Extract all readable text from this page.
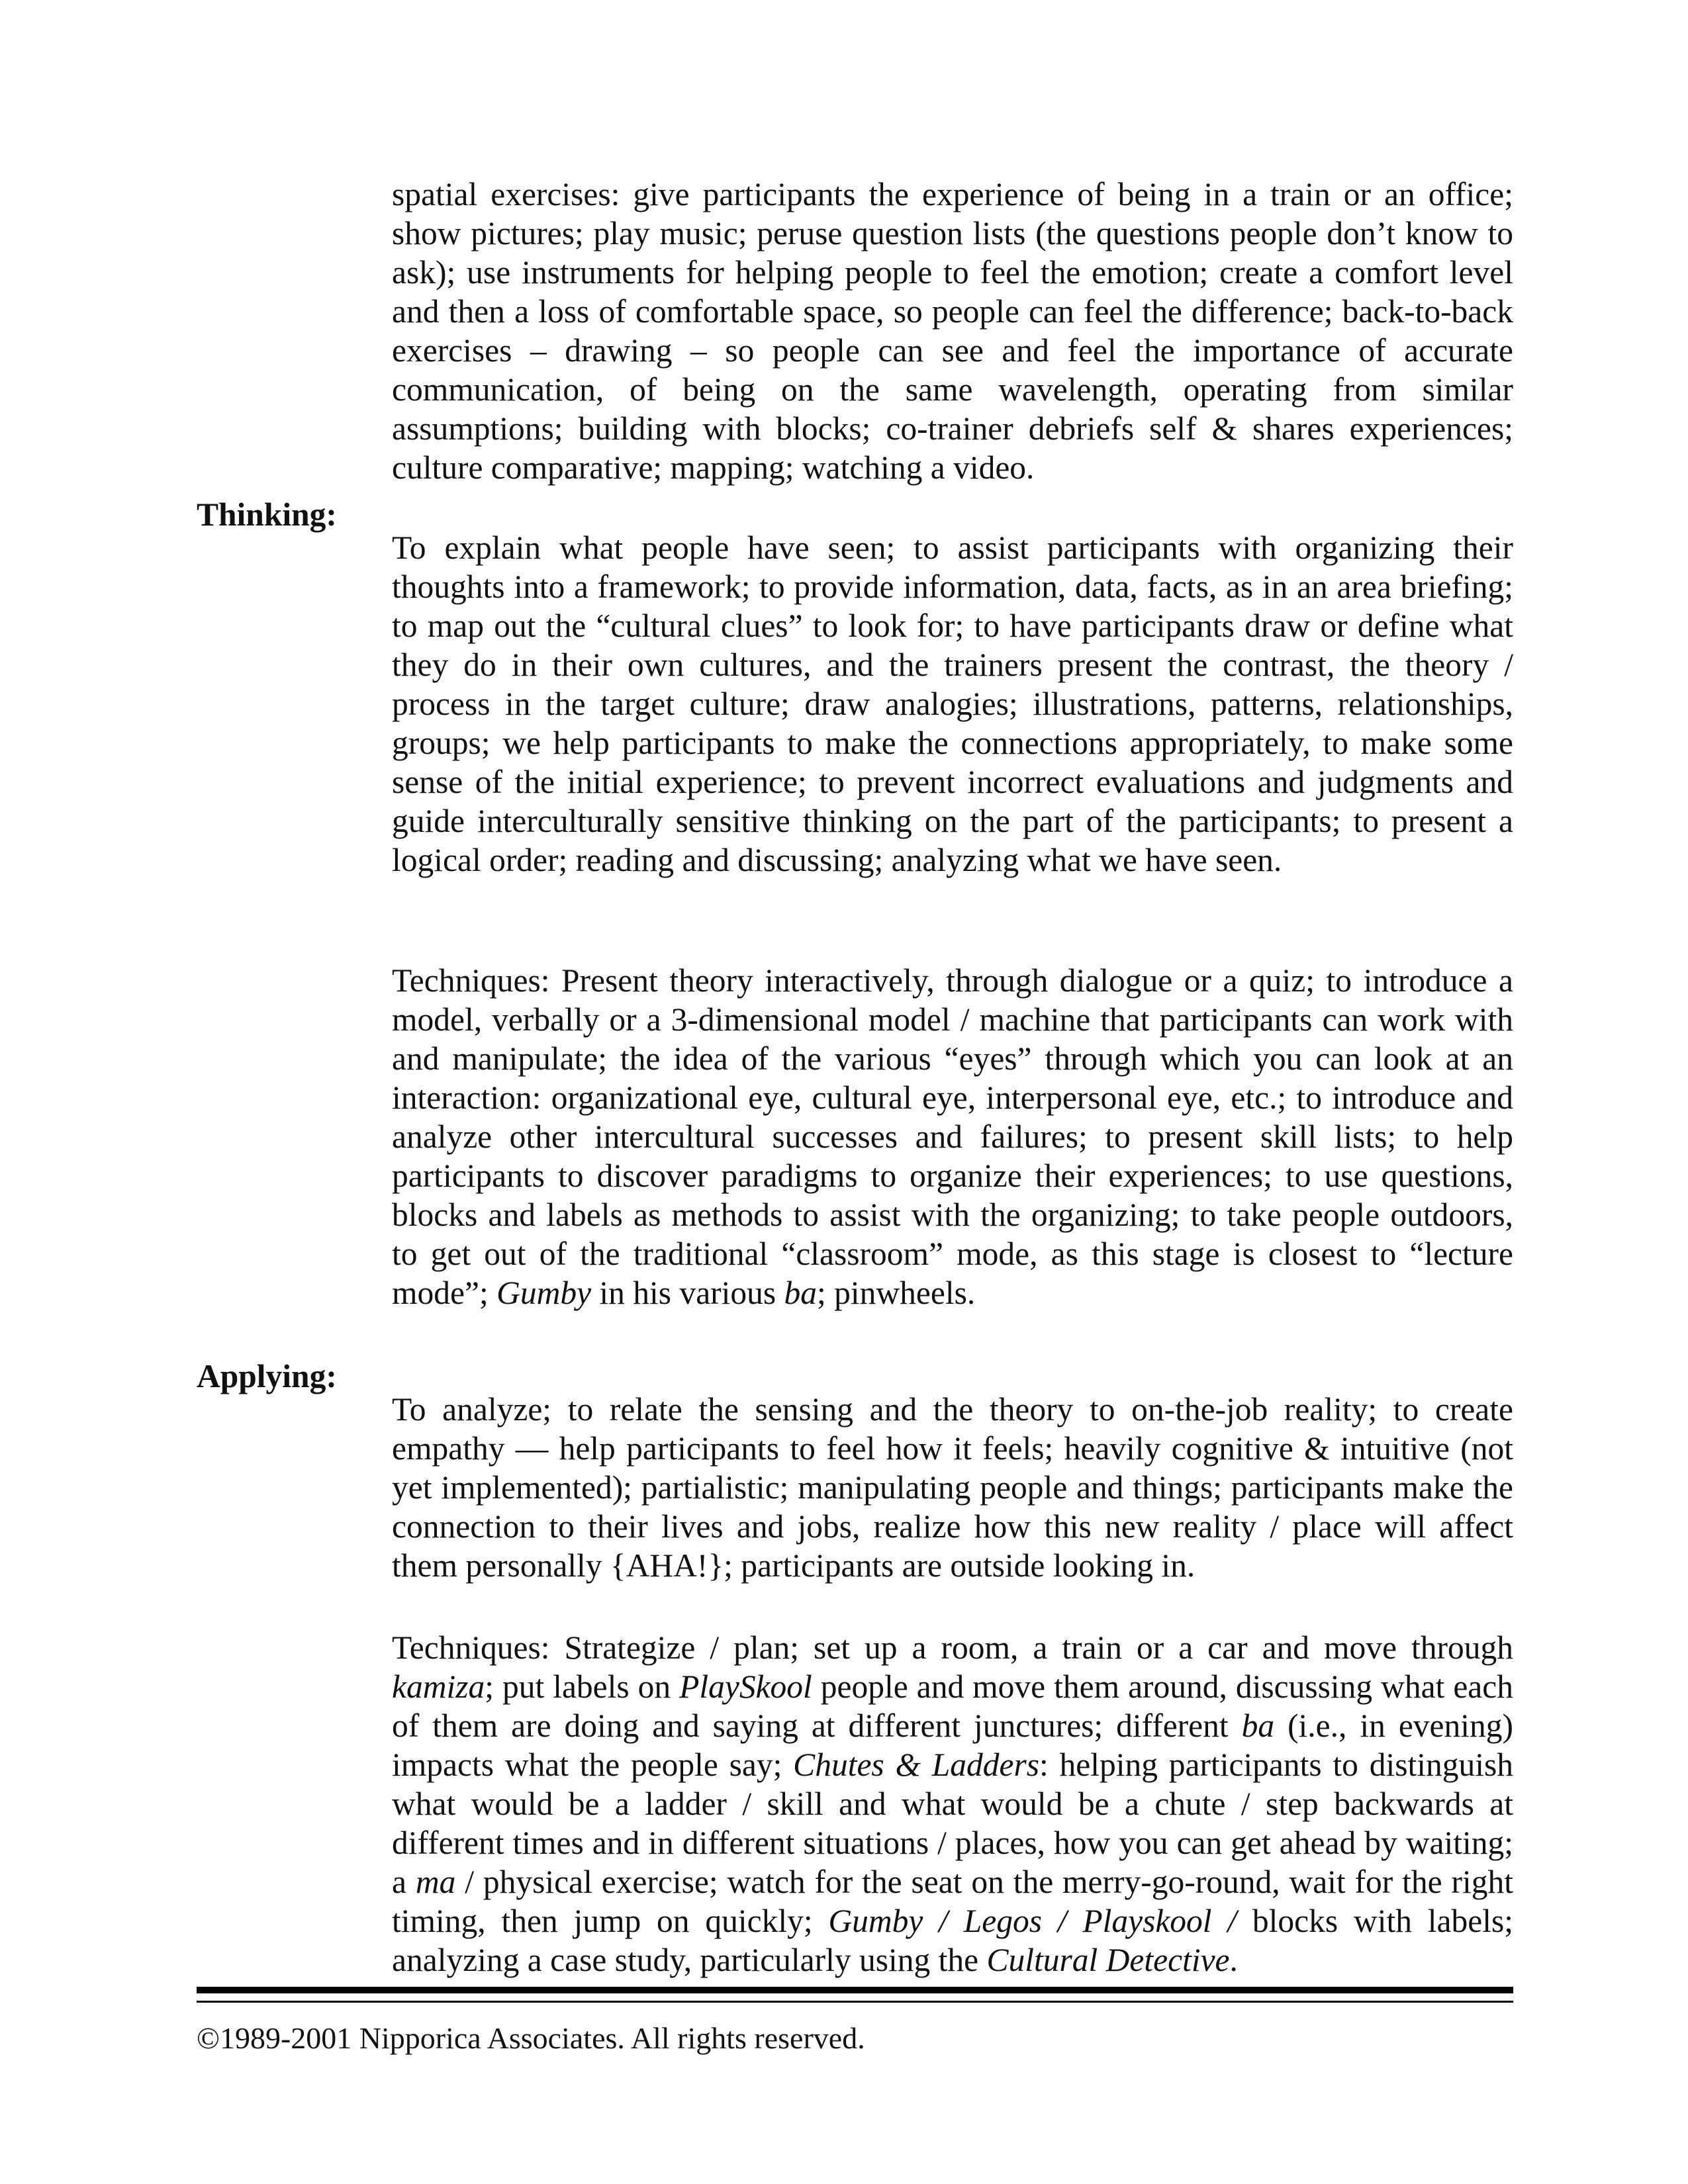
spatial exercises: give participants the experience of being in a train or an office; show pictures; play music; peruse question lists (the questions people don’t know to ask); use instruments for helping people to feel the emotion; create a comfort level and then a loss of comfortable space, so people can feel the difference; back-to-back exercises – drawing – so people can see and feel the importance of accurate communication, of being on the same wavelength, operating from similar assumptions; building with blocks; co-trainer debriefs self & shares experiences; culture comparative; mapping; watching a video.

Thinking:

To explain what people have seen; to assist participants with organizing their thoughts into a framework; to provide information, data, facts, as in an area briefing; to map out the “cultural clues” to look for; to have participants draw or define what they do in their own cultures, and the trainers present the contrast, the theory / process in the target culture; draw analogies; illustrations, patterns, relationships, groups; we help participants to make the connections appropriately, to make some sense of the initial experience; to prevent incorrect evaluations and judgments and guide interculturally sensitive thinking on the part of the participants; to present a logical order; reading and discussing; analyzing what we have seen.

Techniques: Present theory interactively, through dialogue or a quiz; to introduce a model, verbally or a 3-dimensional model / machine that participants can work with and manipulate; the idea of the various “eyes” through which you can look at an interaction: organizational eye, cultural eye, interpersonal eye, etc.; to introduce and analyze other intercultural successes and failures; to present skill lists; to help participants to discover paradigms to organize their experiences; to use questions, blocks and labels as methods to assist with the organizing; to take people outdoors, to get out of the traditional “classroom” mode, as this stage is closest to “lecture mode”; Gumby in his various ba; pinwheels.

Applying:

To analyze; to relate the sensing and the theory to on-the-job reality; to create empathy — help participants to feel how it feels; heavily cognitive & intuitive (not yet implemented); partialistic; manipulating people and things; participants make the connection to their lives and jobs, realize how this new reality / place will affect them personally {AHA!}; participants are outside looking in.

Techniques: Strategize / plan; set up a room, a train or a car and move through kamiza; put labels on PlaySkool people and move them around, discussing what each of them are doing and saying at different junctures; different ba (i.e., in evening) impacts what the people say; Chutes & Ladders: helping participants to distinguish what would be a ladder / skill and what would be a chute / step backwards at different times and in different situations / places, how you can get ahead by waiting; a ma / physical exercise; watch for the seat on the merry-go-round, wait for the right timing, then jump on quickly; Gumby / Legos / Playskool / blocks with labels; analyzing a case study, particularly using the Cultural Detective.

©1989-2001 Nipporica Associates. All rights reserved.
